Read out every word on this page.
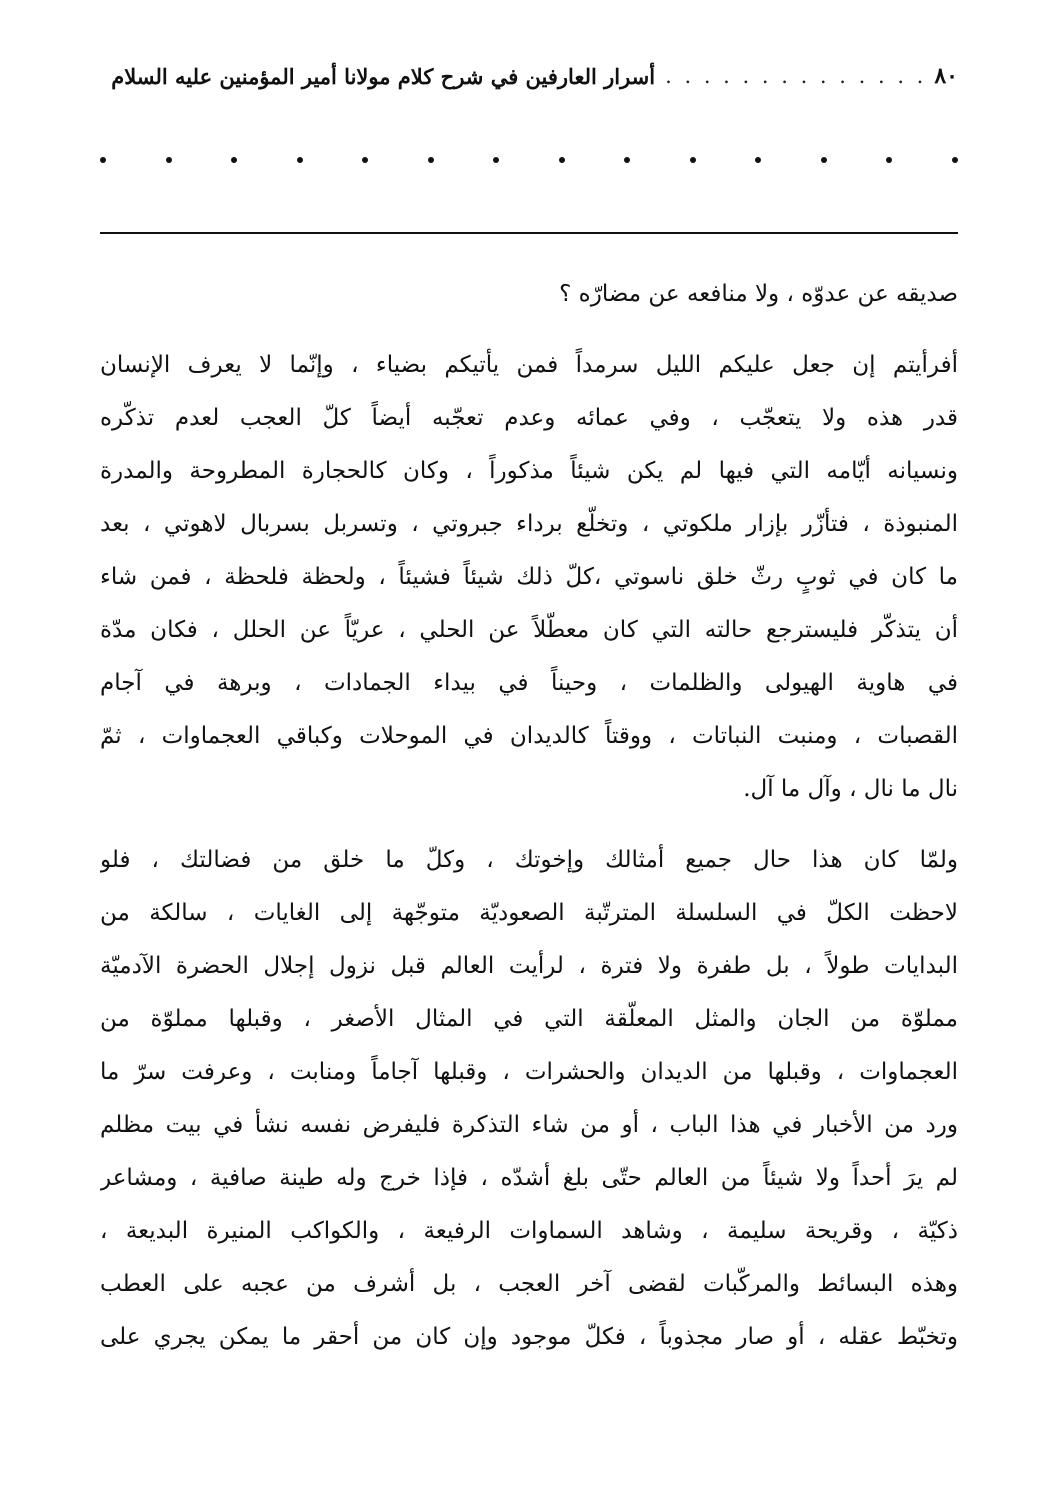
٨٠
. . . . . . . . . . . . . .
أسرار العارفين في شرح كلام مولانا أمير المؤمنين عليه السلام
صديقه عن عدوّه ، ولا منافعه عن مضارّه ؟
أفرأيتم إن جعل عليكم الليل سرمداً فمن يأتيكم بضياء ، وإنّما لا يعرف الإنسان
قدر هذه ولا يتعجّب ، وفي عمائه وعدم تعجّبه أيضاً كلّ العجب لعدم تذكّره
ونسيانه أيّامه التي فيها لم يكن شيئاً مذكوراً ، وكان كالحجارة المطروحة والمدرة
المنبوذة ، فتأزّر بإزار ملكوتي ، وتخلّع برداء جبروتي ، وتسربل بسربال لاهوتي ، بعد
ما كان في ثوبٍ رثّ خلق ناسوتي ،كلّ ذلك شيئاً فشيئاً ، ولحظة فلحظة ، فمن شاء
أن يتذكّر فليسترجع حالته التي كان معطّلاً عن الحلي ، عريّاً عن الحلل ، فكان مدّة
في هاوية الهيولى والظلمات ، وحيناً في بيداء الجمادات ، وبرهة في آجام
القصبات ، ومنبت النباتات ، ووقتاً كالديدان في الموحلات وكباقي العجماوات ، ثمّ
نال ما نال ، وآل ما آل.
ولمّا كان هذا حال جميع أمثالك وإخوتك ، وكلّ ما خلق من فضالتك ، فلو
لاحظت الكلّ في السلسلة المترتّبة الصعوديّة متوجّهة إلى الغايات ، سالكة من
البدايات طولاً ، بل طفرة ولا فترة ، لرأيت العالم قبل نزول إجلال الحضرة الآدميّة
مملوّة من الجان والمثل المعلّقة التي في المثال الأصغر ، وقبلها مملوّة من
العجماوات ، وقبلها من الديدان والحشرات ، وقبلها آجاماً ومنابت ، وعرفت سرّ ما
ورد من الأخبار في هذا الباب ، أو من شاء التذكرة فليفرض نفسه نشأ في بيت مظلم
لم يرَ أحداً ولا شيئاً من العالم حتّى بلغ أشدّه ، فإذا خرج وله طينة صافية ، ومشاعر
ذكيّة ، وقريحة سليمة ، وشاهد السماوات الرفيعة ، والكواكب المنيرة البديعة ،
وهذه البسائط والمركّبات لقضى آخر العجب ، بل أشرف من عجبه على العطب
وتخبّط عقله ، أو صار مجذوباً ، فكلّ موجود وإن كان من أحقر ما يمكن يجري على
